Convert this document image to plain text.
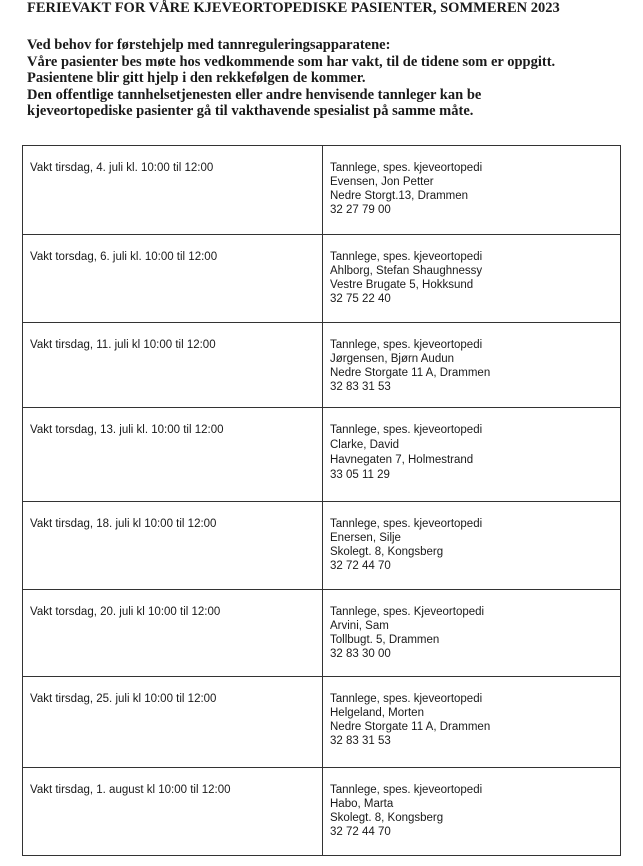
FERIEVAKT FOR VÅRE KJEVEORTOPEDISKE PASIENTER, SOMMEREN 2023
Ved behov for førstehjelp med tannreguleringsapparatene:
Våre pasienter bes møte hos vedkommende som har vakt, til de tidene som er oppgitt.
Pasientene blir gitt hjelp i den rekkefølgen de kommer.
Den offentlige tannhelsetjenesten eller andre henvisende tannleger kan be
kjeveortopediske pasienter gå til vakthavende spesialist på samme måte.
Vakt tirsdag, 4. juli kl. 10:00 til 12:00	Tannlege, spes. kjeveortopedi
Evensen, Jon Petter
Nedre Storgt.13, Drammen
32 27 79 00

Vakt torsdag, 6. juli kl. 10:00 til 12:00	Tannlege, spes. kjeveortopedi
Ahlborg, Stefan Shaughnessy
Vestre Brugate 5, Hokksund
32 75 22 40

Vakt tirsdag, 11. juli kl 10:00 til 12:00	Tannlege, spes. kjeveortopedi
Jørgensen, Bjørn Audun
Nedre Storgate 11 A, Drammen
32 83 31 53

Vakt torsdag, 13. juli kl. 10:00 til 12:00	Tannlege, spes. kjeveortopedi
Clarke, David
Havnegaten 7, Holmestrand
33 05 11 29

Vakt tirsdag, 18. juli kl 10:00 til 12:00	Tannlege, spes. kjeveortopedi
Enersen, Silje
Skolegt. 8, Kongsberg
32 72 44 70

Vakt torsdag, 20. juli kl 10:00 til 12:00	Tannlege, spes. Kjeveortopedi
Arvini, Sam
Tollbugt. 5, Drammen
32 83 30 00

Vakt tirsdag, 25. juli kl 10:00 til 12:00	Tannlege, spes. kjeveortopedi
Helgeland, Morten
Nedre Storgate 11 A, Drammen
32 83 31 53

Vakt tirsdag, 1. august kl 10:00 til 12:00	Tannlege, spes. kjeveortopedi
Habo, Marta
Skolegt. 8, Kongsberg
32 72 44 70
